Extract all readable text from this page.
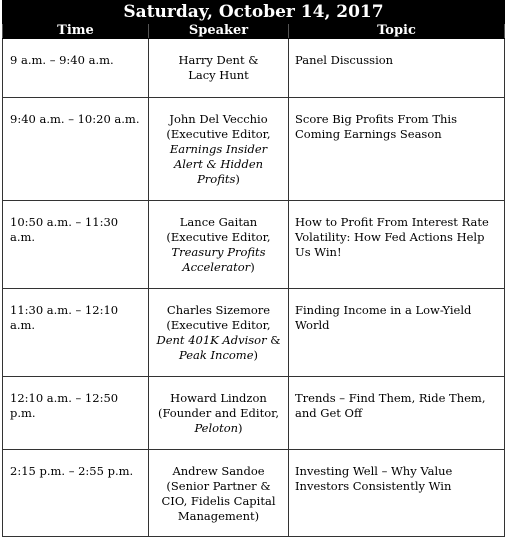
Saturday, October 14, 2017		
Time	Speaker	Topic
9 a.m. – 9:40 a.m.	Harry Dent &
Lacy Hunt	Panel Discussion
9:40 a.m. – 10:20 a.m.	John Del Vecchio
(Executive Editor,
Earnings Insider
Alert & Hidden
Profits)	Score Big Profits From This Coming Earnings Season
10:50 a.m. – 11:30 a.m.	Lance Gaitan
(Executive Editor,
Treasury Profits
Accelerator)	How to Profit From Interest Rate Volatility: How Fed Actions Help Us Win!
11:30 a.m. – 12:10 a.m.	Charles Sizemore
(Executive Editor,
Dent 401K Advisor &
Peak Income)	Finding Income in a Low-Yield World
12:10 a.m. – 12:50 p.m.	Howard Lindzon
(Founder and Editor,
Peloton)	Trends – Find Them, Ride Them, and Get Off
2:15 p.m. – 2:55 p.m.	Andrew Sandoe
(Senior Partner &
CIO, Fidelis Capital
Management)	Investing Well – Why Value Investors Consistently Win
